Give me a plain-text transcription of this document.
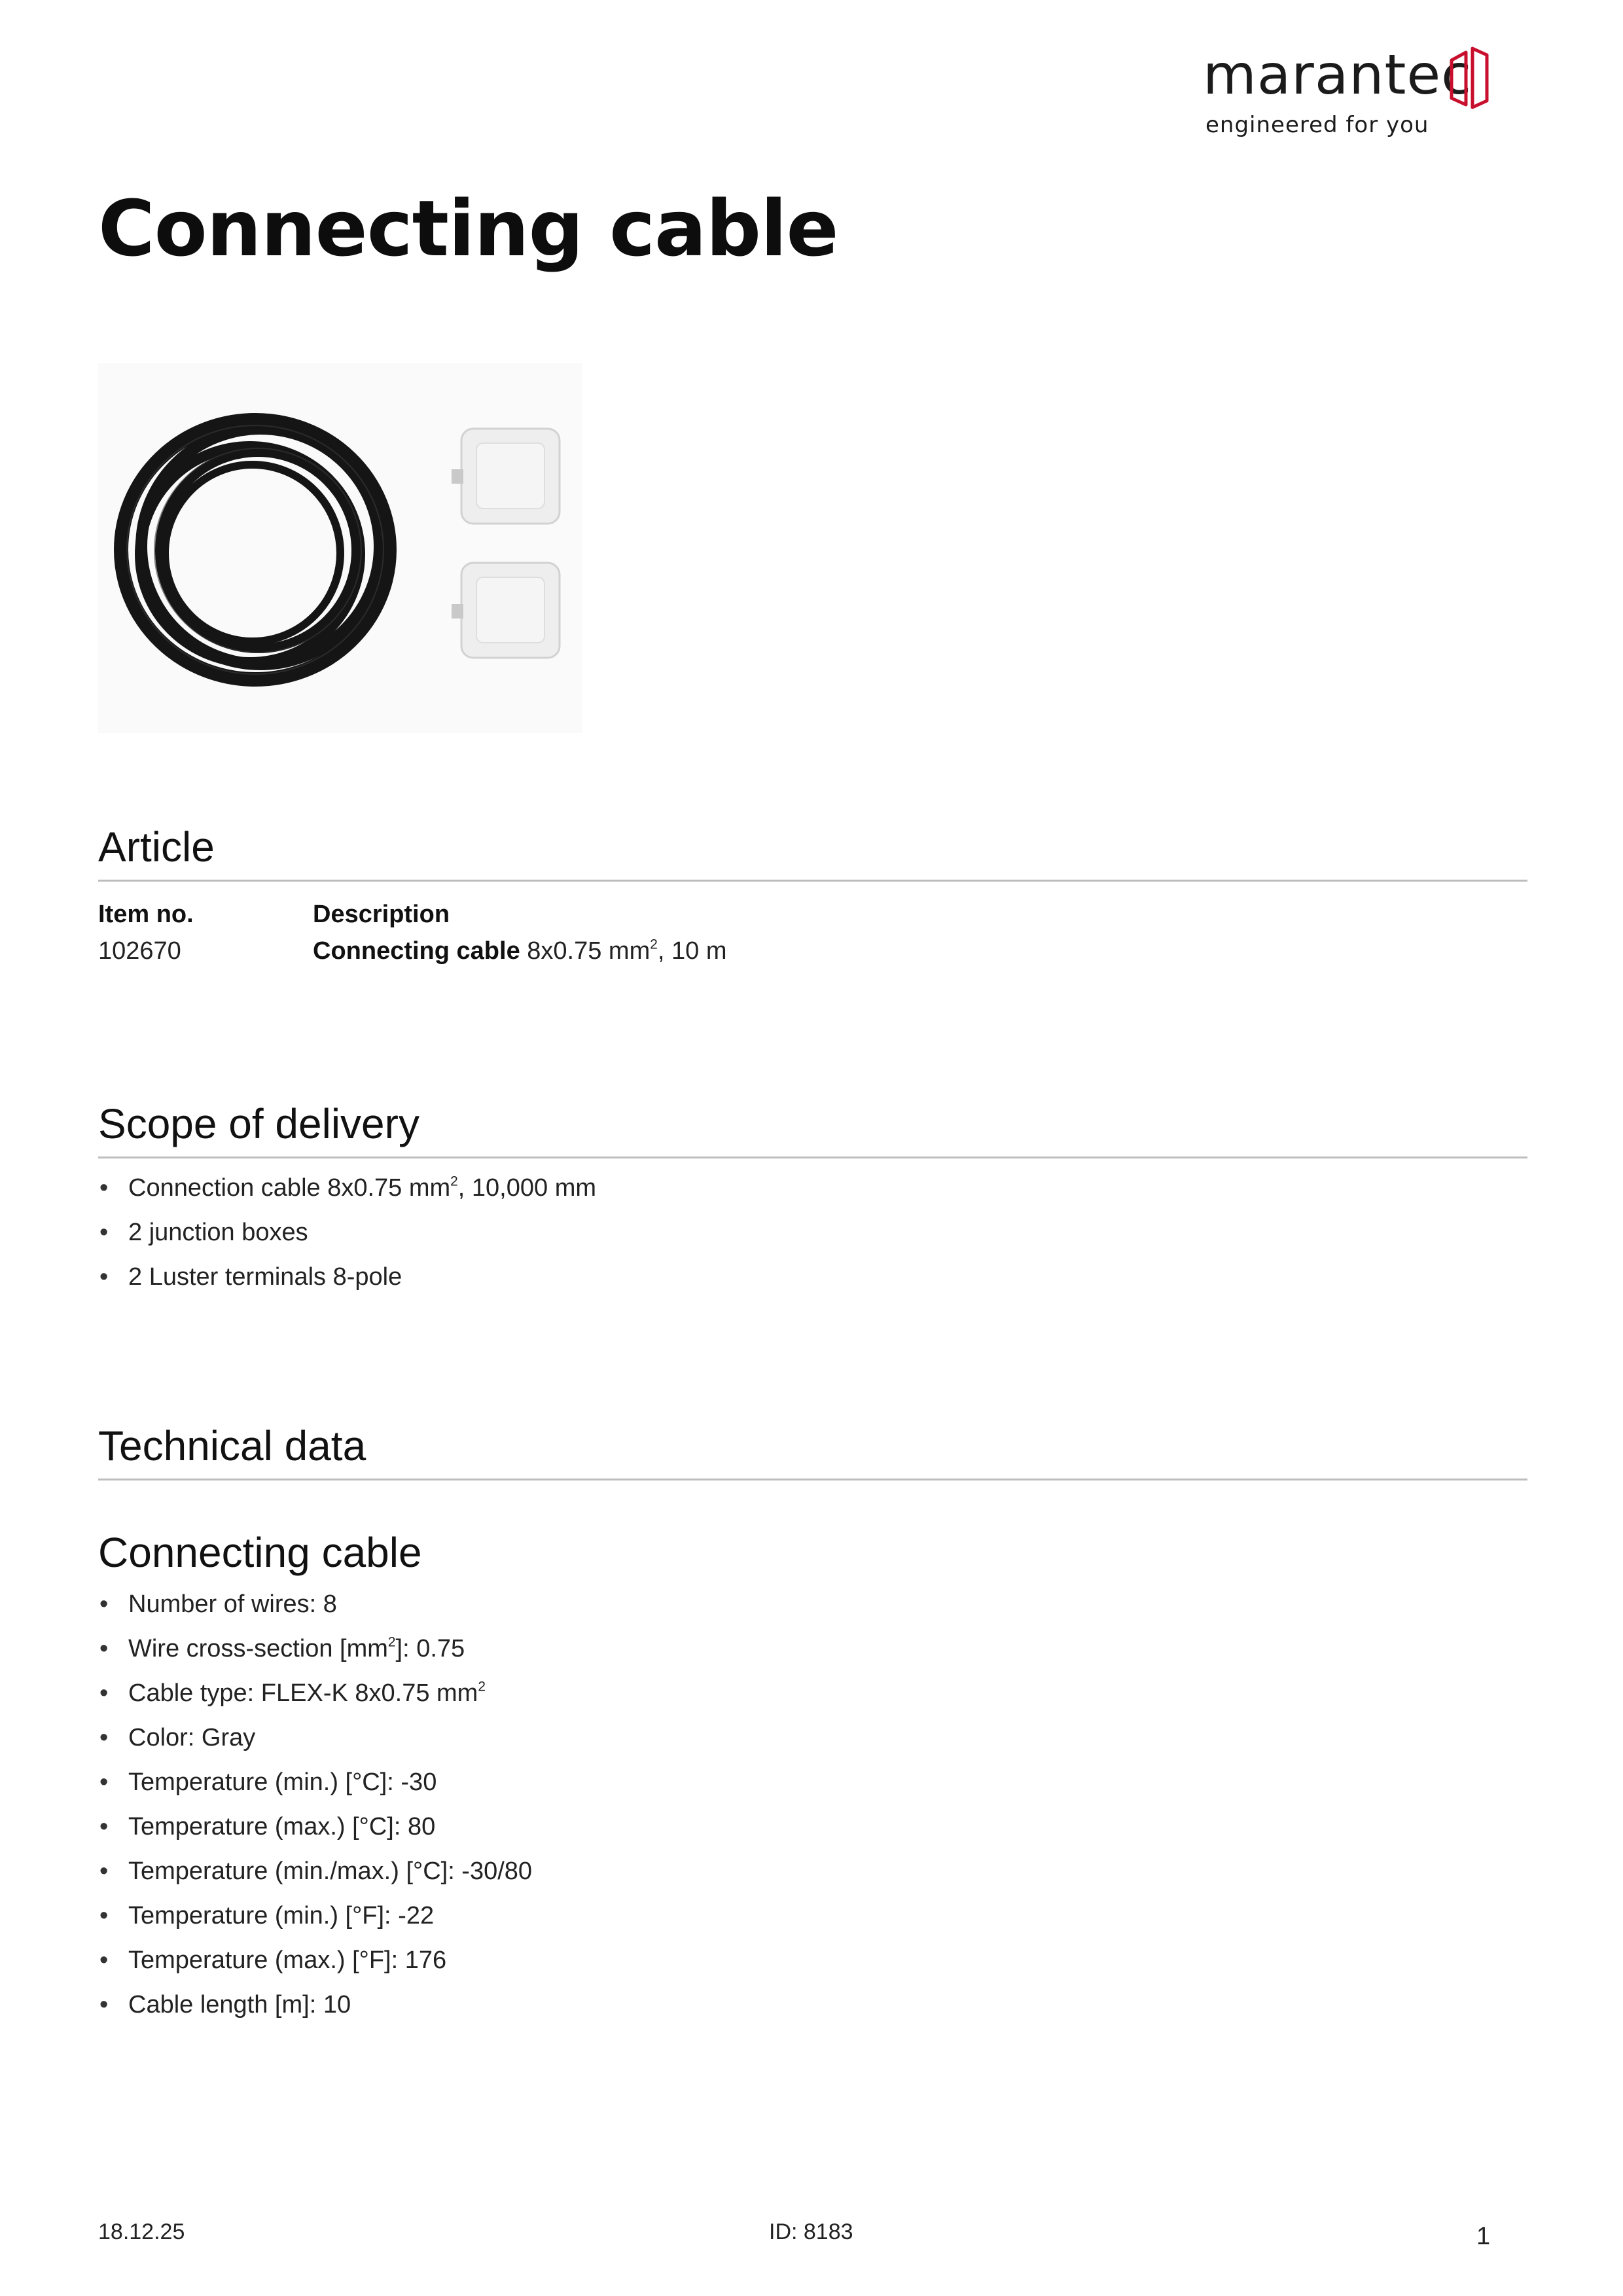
marantec
engineered for you
Connecting cable
Article
Item no.	Description
102670	Connecting cable 8x0.75 $mm^2$, 10 m
Scope of delivery
• Connection cable 8x0.75 $mm^2$, 10,000 mm
• 2 junction boxes
• 2 Luster terminals 8-pole
Technical data
Connecting cable
• Number of wires: 8
• Wire cross-section $[mm^2]$: 0.75
• Cable type: FLEX-K 8x0.75 $mm^2$
• Color: Gray
• Temperature (min.) [°C]: -30
• Temperature (max.) [°C]: 80
• Temperature (min./max.) [°C]: -30/80
• Temperature (min.) [°F]: -22
• Temperature (max.) [°F]: 176
• Cable length [m]: 10
18.12.25	ID: 8183	1
